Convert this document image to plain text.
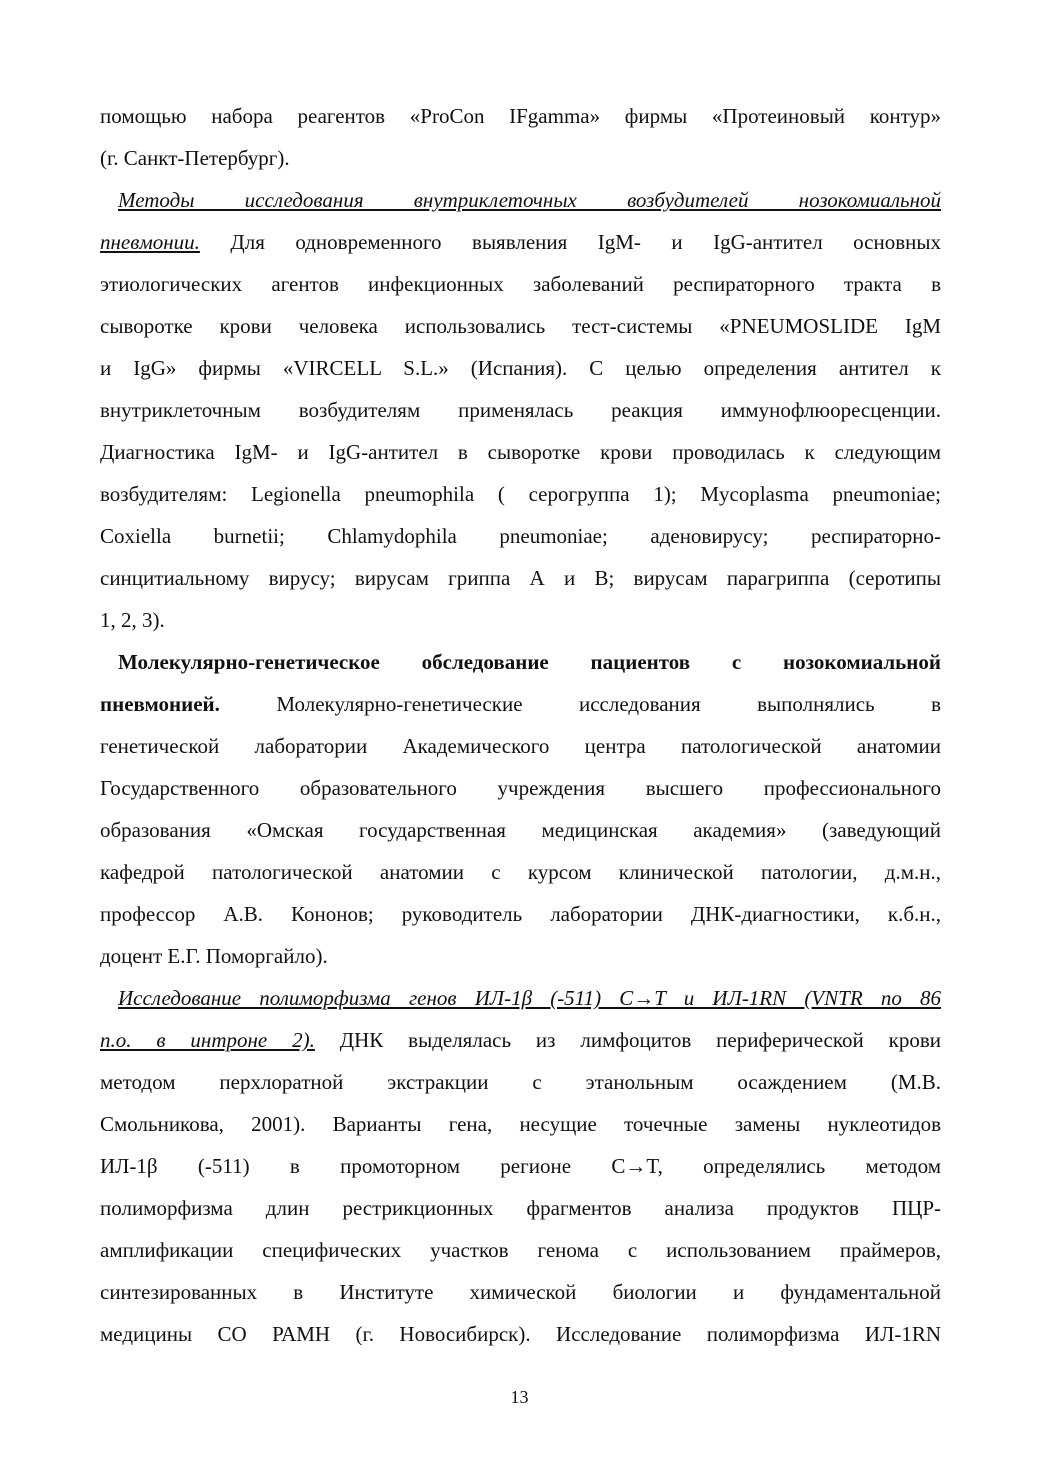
помощью набора реагентов «ProCon IFgamma» фирмы «Протеиновый контур»
(г. Санкт-Петербург).
Методы исследования внутриклеточных возбудителей нозокомиальной
пневмонии. Для одновременного выявления IgM- и IgG-антител основных
этиологических агентов инфекционных заболеваний респираторного тракта в
сыворотке крови человека использовались тест-системы «PNEUMOSLIDE IgM
и IgG» фирмы «VIRCELL S.L.» (Испания). С целью определения антител к
внутриклеточным возбудителям применялась реакция иммунофлюоресценции.
Диагностика IgM- и IgG-антител в сыворотке крови проводилась к следующим
возбудителям: Legionella pneumophila ( серогруппа 1); Mycoplasma pneumoniae;
Coxiella burnetii; Chlamydophila pneumoniae; аденовирусу; респираторно-
синцитиальному вирусу; вирусам гриппа А и В; вирусам парагриппа (серотипы
1, 2, 3).
Молекулярно-генетическое обследование пациентов с нозокомиальной
пневмонией. Молекулярно-генетические исследования выполнялись в
генетической лаборатории Академического центра патологической анатомии
Государственного образовательного учреждения высшего профессионального
образования «Омская государственная медицинская академия» (заведующий
кафедрой патологической анатомии с курсом клинической патологии, д.м.н.,
профессор А.В. Кононов; руководитель лаборатории ДНК-диагностики, к.б.н.,
доцент Е.Г. Поморгайло).
Исследование полиморфизма генов ИЛ-1β (-511) C→T и ИЛ-1RN (VNTR по 86
п.о. в интроне 2). ДНК выделялась из лимфоцитов периферической крови
методом перхлоратной экстракции с этанольным осаждением (М.В.
Смольникова, 2001). Варианты гена, несущие точечные замены нуклеотидов
ИЛ-1β (-511) в промоторном регионе C→T, определялись методом
полиморфизма длин рестрикционных фрагментов анализа продуктов ПЦР-
амплификации специфических участков генома с использованием праймеров,
синтезированных в Институте химической биологии и фундаментальной
медицины СО РАМН (г. Новосибирск). Исследование полиморфизма ИЛ-1RN
13
